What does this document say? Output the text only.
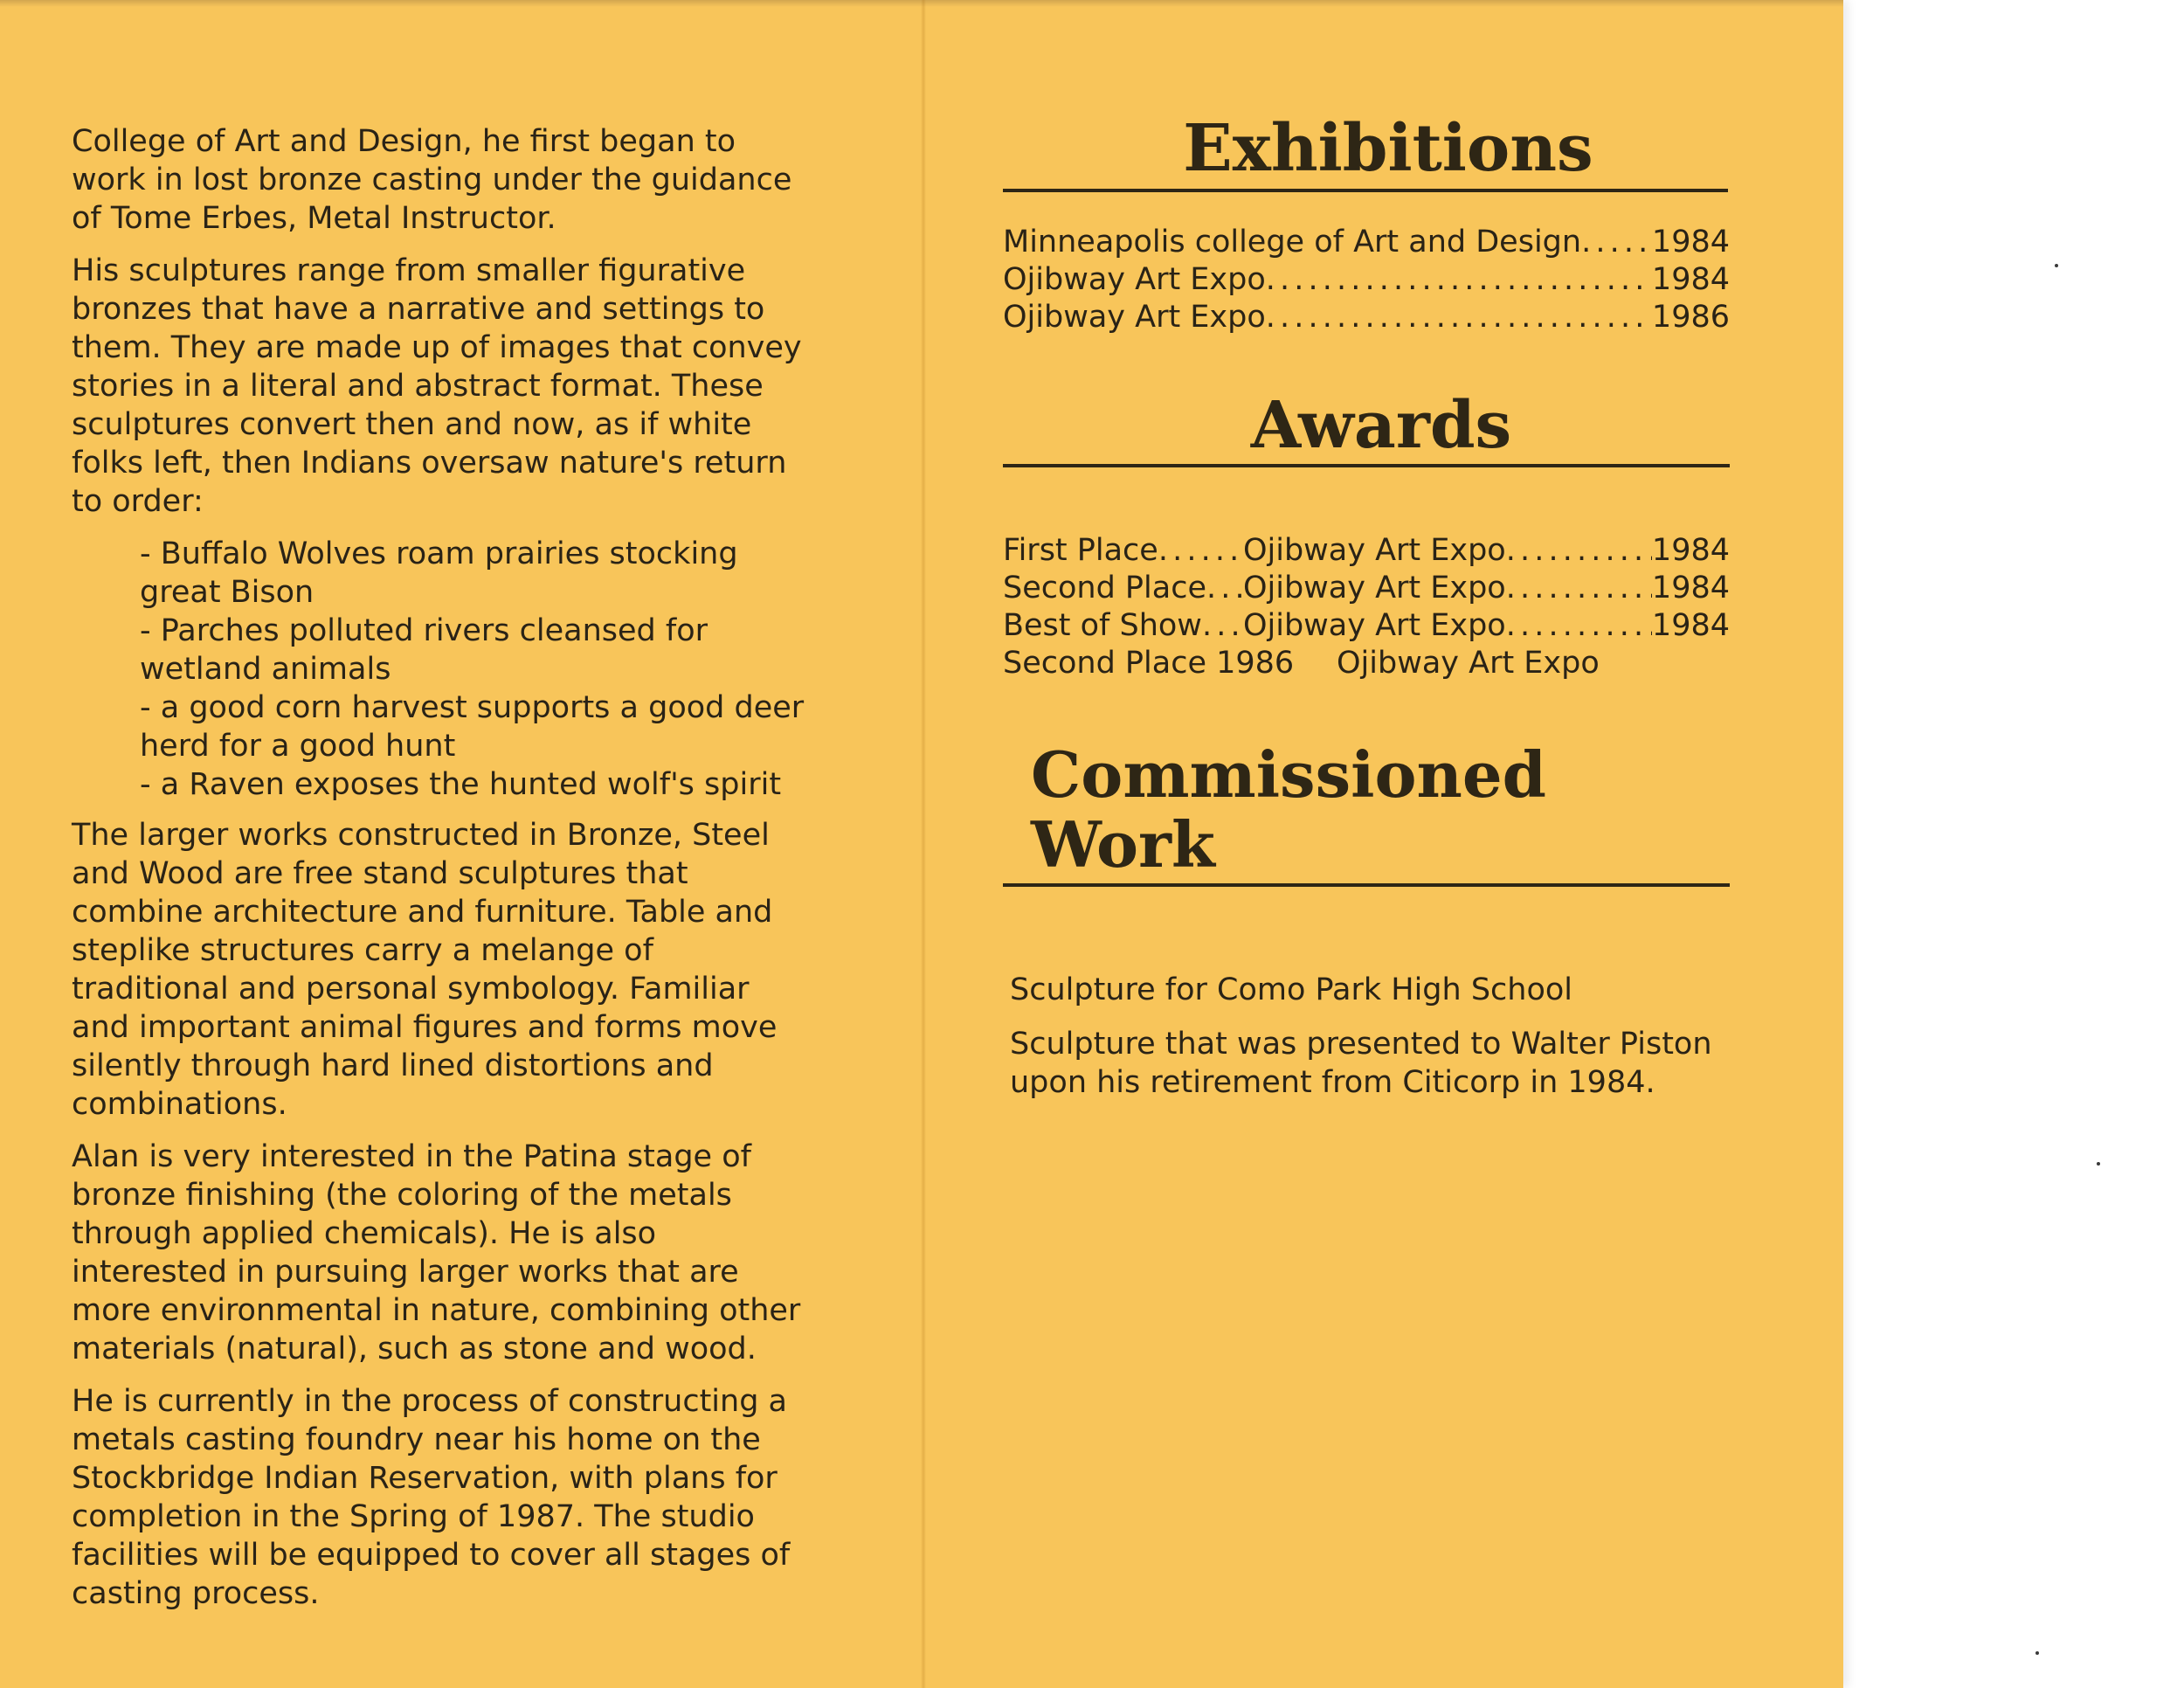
College of Art and Design, he first began to work in lost bronze casting under the guidance of Tome Erbes, Metal Instructor.

His sculptures range from smaller figurative bronzes that have a narrative and settings to them. They are made up of images that convey stories in a literal and abstract format. These sculptures convert then and now, as if white folks left, then Indians oversaw nature's return to order:

- Buffalo Wolves roam prairies stocking great Bison
- Parches polluted rivers cleansed for wetland animals
- a good corn harvest supports a good deer herd for a good hunt
- a Raven exposes the hunted wolf's spirit

The larger works constructed in Bronze, Steel and Wood are free stand sculptures that combine architecture and furniture. Table and steplike structures carry a melange of traditional and personal symbology. Familiar and important animal figures and forms move silently through hard lined distortions and combinations.

Alan is very interested in the Patina stage of bronze finishing (the coloring of the metals through applied chemicals). He is also interested in pursuing larger works that are more environmental in nature, combining other materials (natural), such as stone and wood.

He is currently in the process of constructing a metals casting foundry near his home on the Stockbridge Indian Reservation, with plans for completion in the Spring of 1987. The studio facilities will be equipped to cover all stages of casting process.

Exhibitions
Minneapolis college of Art and Design . . . 1984
Ojibway Art Expo . . .	1984
Ojibway Art Expo . . .	1986
Awards
First Place . . .	Ojibway Art Expo . . .	1984
Second Place . . . Ojibway Art Expo . . .	1984
Best of Show . . . Ojibway Art Expo . . .	1984
Second Place 1986 Ojibway Art Expo
Commissioned Work

Sculpture for Como Park High School

Sculpture that was presented to Walter Piston upon his retirement from Citicorp in 1984.
